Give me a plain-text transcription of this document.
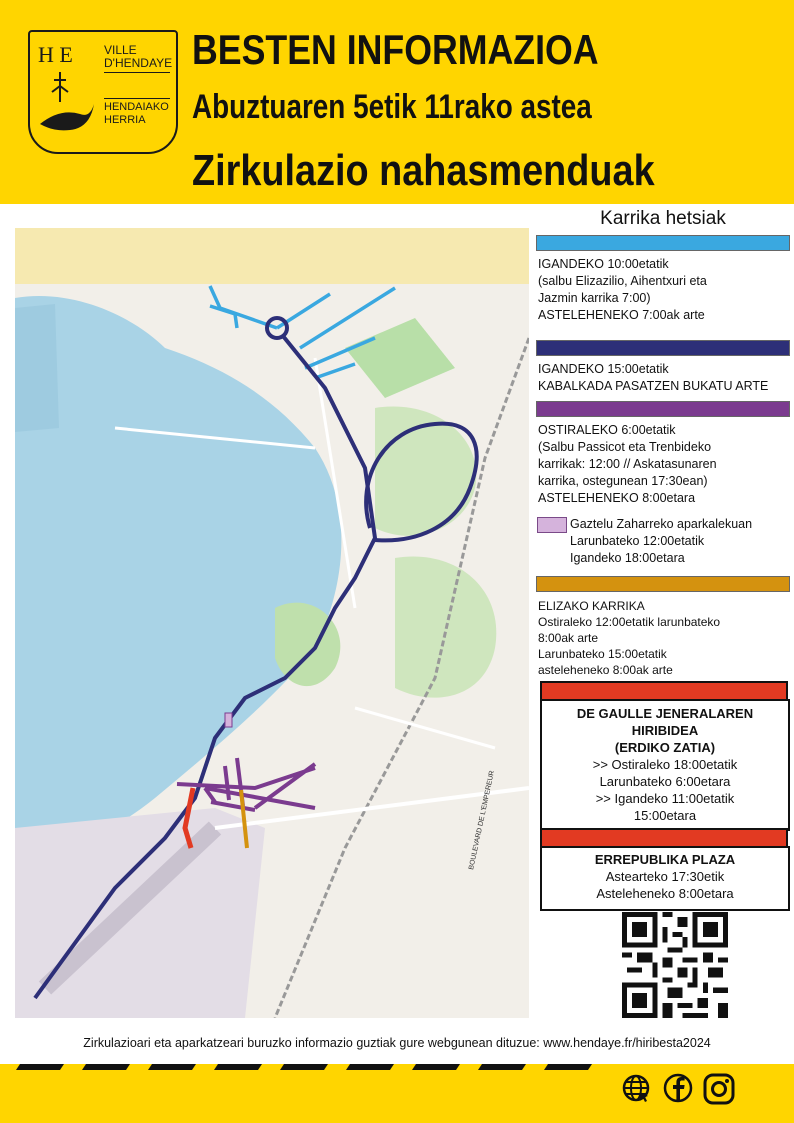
H E	VILLE D'HENDAYE
HENDAIAKO HERRIA
BESTEN INFORMAZIOA
Abuztuaren 5etik 11rako astea
Zirkulazio nahasmenduak
BOULEVARD DE L'EMPEREUR
Karrika hetsiak
IGANDEKO 10:00etatik
(salbu Elizazilio, Aihentxuri eta
Jazmin karrika 7:00)
ASTELEHENEKO 7:00ak arte
IGANDEKO 15:00etatik
KABALKADA PASATZEN BUKATU ARTE
OSTIRALEKO 6:00etatik
(Salbu Passicot eta Trenbideko
karrikak: 12:00 // Askatasunaren
karrika, ostegunean 17:30ean)
ASTELEHENEKO 8:00etara
Gaztelu Zaharreko aparkalekuan
Larunbateko 12:00etatik
Igandeko 18:00etara
ELIZAKO KARRIKA
Ostiraleko 12:00etatik larunbateko
8:00ak arte
Larunbateko 15:00etatik
asteleheneko 8:00ak arte
DE GAULLE JENERALAREN
HIRIBIDEA
(ERDIKO ZATIA)
>> Ostiraleko 18:00etatik
Larunbateko 6:00etara
>> Igandeko 11:00etatik
15:00etara
ERREPUBLIKA PLAZA
Astearteko 17:30etik
Asteleheneko 8:00etara
Zirkulazioari eta aparkatzeari buruzko informazio guztiak gure webgunean dituzue: www.hendaye.fr/hiribesta2024
